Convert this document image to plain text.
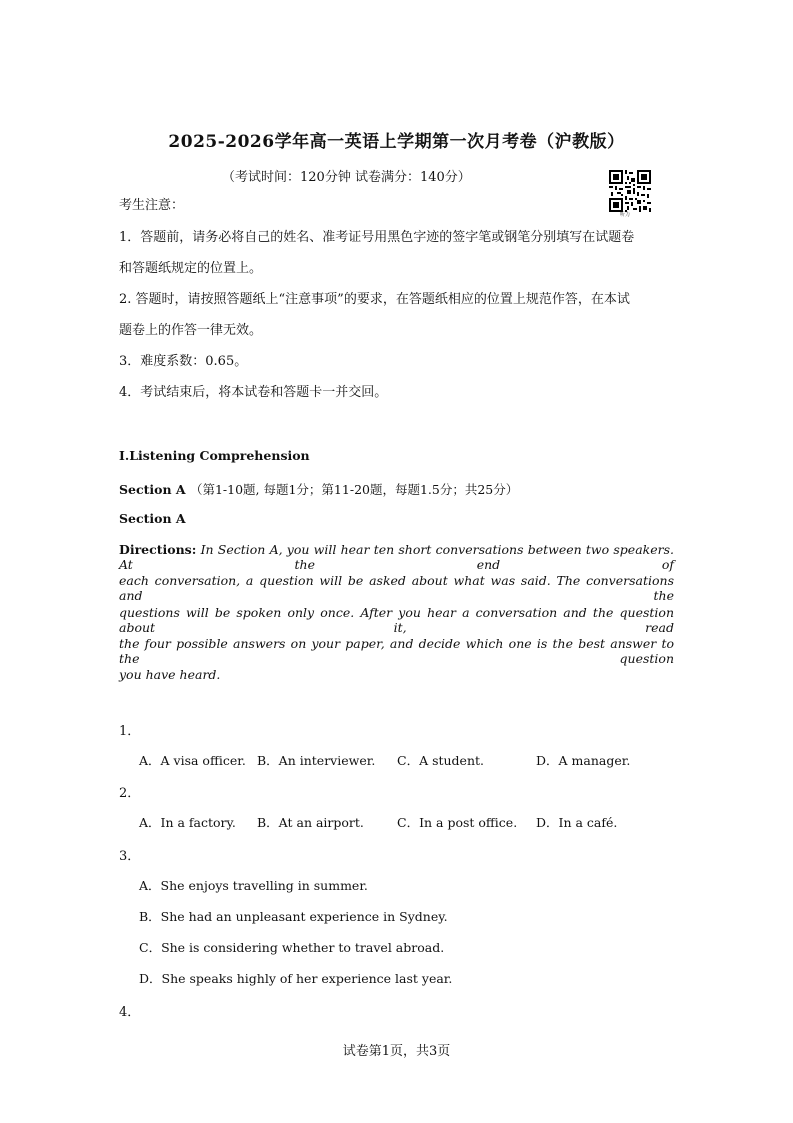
2025-2026学年高一英语上学期第一次月考卷（沪教版）
（考试时间：120分钟 试卷满分：140分）
听力
考生注意：
1．答题前，请务必将自己的姓名、准考证号用黑色字迹的签字笔或钢笔分别填写在试题卷
和答题纸规定的位置上。
2. 答题时，请按照答题纸上“注意事项”的要求，在答题纸相应的位置上规范作答，在本试
题卷上的作答一律无效。
3．难度系数：0.65。
4．考试结束后，将本试卷和答题卡一并交回。
I.Listening Comprehension
Section A （第1-10题, 每题1分；第11-20题，每题1.5分；共25分）
Section A
Directions: In Section A, you will hear ten short conversations between two speakers. At the end of
each conversation, a question will be asked about what was said. The conversations and the
questions will be spoken only once. After you hear a conversation and the question about it, read
the four possible answers on your paper, and decide which one is the best answer to the question
you have heard.
1．
A．A visa officer. B．An interviewer. C．A student.	D．A manager.
2．
A．In a factory. B．At an airport.	C．In a post office. D．In a café.
3．
A．She enjoys travelling in summer.
B．She had an unpleasant experience in Sydney.
C．She is considering whether to travel abroad.
D．She speaks highly of her experience last year.
4．
试卷第1页，共3页
